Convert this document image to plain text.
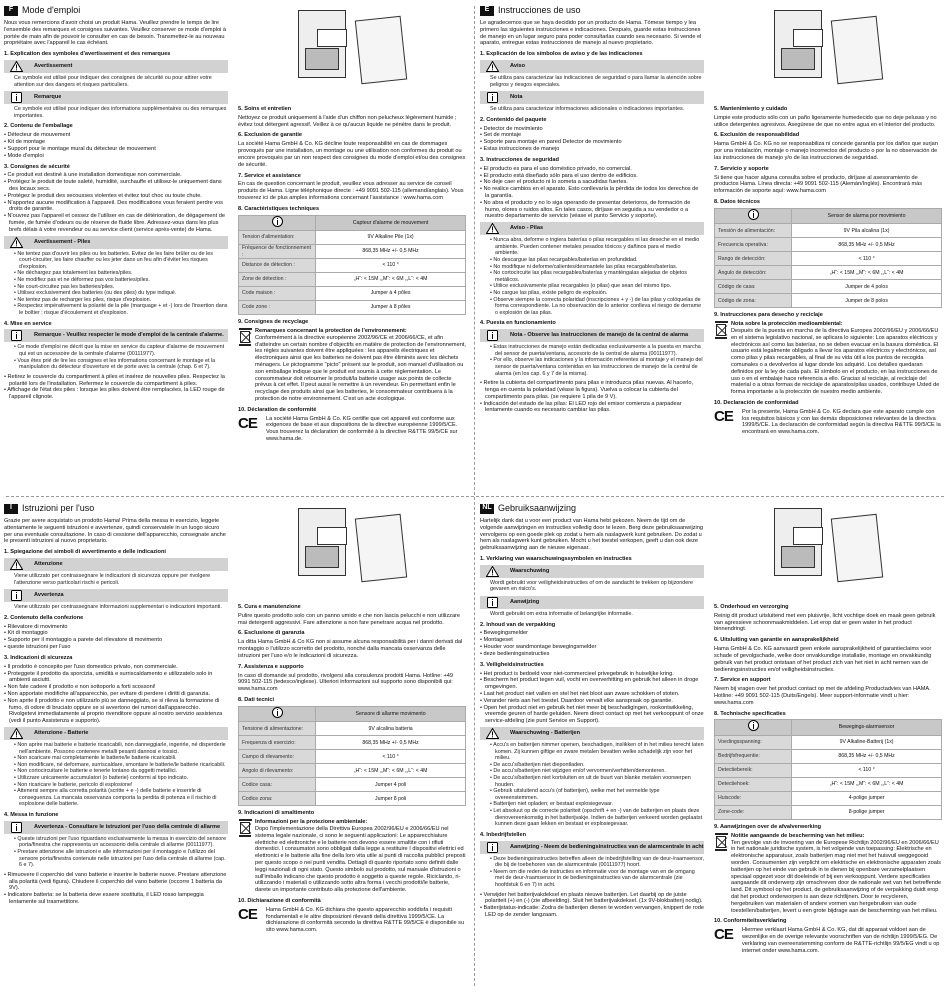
F Mode d'emploi

Nous vous remercions d'avoir choisi un produit Hama. Veuillez prendre le temps de lire l'ensemble des remarques et consignes suivantes. Veuillez conserver ce mode d'emploi à portée de main afin de pouvoir le consulter en cas de besoin. Transmettez-le au nouveau propriétaire avec l'appareil le cas échéant.

1. Explication des symboles d'avertissement et des remarques
Avertissement

Ce symbole est utilisé pour indiquer des consignes de sécurité ou pour attirer votre attention sur des dangers et risques particuliers.

Remarque

Ce symbole est utilisé pour indiquer des informations supplémentaires ou des remarques importantes.

2. Contenu de l'emballage
• Détecteur de mouvement
• Kit de montage
• Support pour le montage mural du détecteur de mouvement
• Mode d'emploi
3. Consignes de sécurité
• Ce produit est destiné à une installation domestique non commerciale.
• Protégez le produit de toute saleté, humidité, surchauffe et utilisez-le uniquement dans des locaux secs.
• Protégez le produit des secousses violentes et évitez tout choc ou toute chute.
• N'apportez aucune modification à l'appareil. Des modifications vous feraient perdre vos droits de garantie.
• N'ouvrez pas l'appareil et cessez de l'utiliser en cas de détérioration, de dégagement de fumée, de fumée d'odeurs ou de réserve de fluide libre. Adressez-vous dans les plus brefs délais à votre revendeur ou au service client (service après-vente) de Hama.
Avertissement - Piles
• Ne tentez pas d'ouvrir les piles ou les batteries. Evitez de les faire brûler ou de les court-circuiter, les faire chauffer ou les jeter dans un feu afin d'éviter les risques d'explosion.
• Ne déchargez pas totalement les batteries/piles.
• Ne modifiez pas et ne déformez pas vos batteries/piles.
• Ne court-circuitez pas les batteries/piles.
• Utilisez exclusivement des batteries (ou des piles) du type indiqué.
• Ne tentez pas de recharger les piles, risque d'explosion.
• Respectez impérativement la polarité de la pile (marquage + et -) lors de l'insertion dans le boîtier ; risque d'écoulement et d'explosion.
4. Mise en service
Remarque - Veuillez respecter le mode d'emploi de la centrale d'alarme.
• Ce mode d'emploi ne décrit que la mise en service du capteur d'alarme de mouvement qui est un accessoire de la centrale d'alarme (00111977).
• Vous êtes prié de lire les consignes et les informations concernant le montage et la manipulation du détecteur d'ouverture et de porte avec la centrale (chap. 6 et 7).
• Retirez le couvercle du compartiment à piles et insérez de nouvelles piles. Respectez la polarité lors de l'installation. Refermez le couvercle du compartiment à piles.
• Affichage de l'état des piles : lorsque les piles doivent être remplacées, la LED rouge de l'appareil clignote.
5. Soins et entretien

Nettoyez ce produit uniquement à l'aide d'un chiffon non pelucheux légèrement humide ; évitez tout détergent agressif. Veillez à ce qu'aucun liquide ne pénètre dans le produit.

6. Exclusion de garantie

La société Hama GmbH & Co. KG décline toute responsabilité en cas de dommages provoqués par une installation, un montage ou une utilisation non conformes du produit ou encore provoqués par un non respect des consignes du mode d'emploi et/ou des consignes de sécurité.

7. Service et assistance

En cas de question concernant le produit, veuillez vous adresser au service de conseil produits de Hama. Ligne téléphonique directe : +49 9091 502-115 (allemand/anglais). Vous trouverez ici de plus amples informations concernant l'assistance : www.hama.com

8. Caractéristiques techniques
	Capteur d'alarme de mouvement
Tension d'alimentation:	9V Alkaline Pile (1x)
Fréquence de fonctionnement :	868,35 MHz +/- 0,5 MHz
Distance de détection :	< 110 °
Zone de détection :	„H“: < 15M ,„M“: < 6M ,„L“: < 4M
Code maison :	Jumper à 4 pôles
Code zone :	Jumper à 8 pôles
9. Consignes de recyclage
Remarques concernant la protection de l'environnement:

Conformément à la directive européenne 2002/96/CE et 2006/66/CE, et afin d'atteindre un certain nombre d'objectifs en matière de protection de l'environnement, les règles suivantes doivent être appliquées : les appareils électriques et électroniques ainsi que les batteries ne doivent pas être éliminés avec les déchets ménagers. Le pictogramme "picto" présent sur le produit, son manuel d'utilisation ou son emballage indique que le produit est soumis à cette réglementation. Le consommateur doit retourner le produit/la batterie usager aux points de collecte prévus à cet effet. Il peut aussi le remettre à un revendeur. En permettant enfin le recyclage des produits ainsi que les batteries, le consommateur contribuera à la protection de notre environnement. C'est un acte écologique.

10. Déclaration de conformité
CE	La société Hama GmbH & Co. KG certifie que cet appareil est conforme aux exigences de base et aux dispositions de la directive européenne 1999/5/CE. Vous trouverez la déclaration de conformité à la directive R&TTE 99/5/CE sur www.hama.de.

E Instrucciones de uso

Le agradecemos que se haya decidido por un producto de Hama. Tómese tiempo y lea primero las siguientes instrucciones e indicaciones. Después, guarde estas instrucciones de manejo en un lugar seguro para poder consultarlas cuando sea necesario. Si vende el aparato, entregue estas instrucciones de manejo al nuevo propietario.

1. Explicación de los símbolos de aviso y de las indicaciones
Aviso

Se utiliza para caracterizar las indicaciones de seguridad o para llamar la atención sobre peligros y riesgos especiales.

Nota

Se utiliza para caracterizar informaciones adicionales o indicaciones importantes.

2. Contenido del paquete
• Detector de movimiento
• Set de montaje
• Soporte para montaje en pared Detector de movimiento
• Estas instrucciones de manejo
3. Instrucciones de seguridad
• El producto es para el uso doméstico privado, no comercial.
• El producto está diseñado sólo para el uso dentro de edificios.
• No deje caer el producto ni lo someta a sacudidas fuertes.
• No realice cambios en el aparato. Esto conllevaría la pérdida de todos los derechos de la garantía.
• No abra el producto y no lo siga operando de presentar deterioros, de formación de humo, olores o ruidos altos. En tales casos, diríjase en seguida a su vendedor o a nuestro departamento de servicio (véase el punto Servicio y soporte).
Aviso - Pilas
• Nunca abra, deforme o ingiera baterías o pilas recargables ni las deseche en el medio ambiente. Pueden contener metales pesados tóxicos y dañinos para el medio ambiente.
• No descargue las pilas recargables/baterías en profundidad.
• No modifique ni deforme/calientes/desmantele las pilas recargables/baterías.
• No cortocircuite las pilas recargables/baterías y manténgalas alejadas de objetos metálicos.
• Utilice exclusivamente pilas recargables (o pilas) que sean del mismo tipo.
• No cargue las pilas, existe peligro de explosión.
• Observe siempre la correcta polaridad (inscripciones + y -) de las pilas y colóquelas de forma correspondiente. La no observación de lo anterior conlleva el riesgo de derrame o explosión de las pilas.
4. Puesta en funcionamiento
Nota - Observe las instrucciones de manejo de la central de alarma
• Estas instrucciones de manejo están dedicadas exclusivamente a la puesta en marcha del sensor de puerta/ventana, accesorio de la central de alarma (00111977).
• Por ello, observe las indicaciones y la información referentes al montaje y el manejo del sensor de puerta/ventana contenidas en las instrucciones de manejo de la central de alarma (en los cap. 6 y 7 de la misma).
• Retire la cubierta del compartimento para pilas e introduzca pilas nuevas. Al hacerlo, tenga en cuenta la polaridad (véase la figura). Vuelva a colocar la cubierta del compartimento para pilas. (se requiere 1 pila de 9 V).
• Indicación del estado de las pilas: El LED rojo del emisor comienza a parpadear lentamente cuando es necesario cambiar las pilas.
5. Mantenimiento y cuidado

Limpie este producto sólo con un paño ligeramente humedecido que no deje pelusas y no utilice detergentes agresivos. Asegúrese de que no entre agua en el interior del producto.

6. Exclusión de responsabilidad

Hama GmbH & Co. KG no se responsabiliza ni concede garantía por los daños que surjan por una instalación, montaje o manejo incorrectos del producto o por la no observación de las instrucciones de manejo y/o de las instrucciones de seguridad.

7. Servicio y soporte

Si tiene que hacer alguna consulta sobre el producto, diríjase al asesoramiento de productos Hama. Línea directa: +49 9091 502-115 (Alemán/Inglés). Encontrará más información de soporte aquí: www.hama.com

8. Datos técnicos
	Sensor de alarma por movimiento
Tensión de alimentación:	9V Pila alcalina (1x)
Frecuencia operativa:	868,35 MHz +/- 0,5 MHz
Rango de detección:	< 110 °
Ángulo de detección:	„H“: < 15M ,„M“: < 6M ,„L“: < 4M
Código de casa:	Jumper de 4 polos
Código de zona:	Jumper de 8 polos
9. Instrucciones para desecho y reciclaje
Nota sobre la protección medioambiental:

Después de la puesta en marcha de la directiva Europea 2002/96/EU y 2006/66/EU en el sistema legislativo nacional, se aplicara lo siguiente: Los aparatos eléctricos y electrónicos así como las baterías, no se deben evacuar en la basura doméstica. El usuario está legalmente obligado a llevar los aparatos eléctricos y electrónicos, así como pilas y pilas recargables, al final de su vida útil a los puntos de recogida comunales o a devolverlos al lugar donde los adquirió. Los detalles quedaran definidos por la ley de cada país. El símbolo en el producto, en las instrucciones de uso o en el embalaje hace referencia a ello. Gracias al reciclaje, al reciclaje del material o a otras formas de reciclaje de aparatos/pilas usados, contribuye Usted de forma importante a la protección de nuestro medio ambiente.

10. Declaración de conformidad
CE	Por la presente, Hama GmbH & Co. KG declara que este aparato cumple con los requisitos básicos y con las demás disposiciones relevantes de la directiva 1999/5/CE. La declaración de conformidad según la directiva R&TTE 99/5/CE la encontrará en www.hama.com.

I	Istruzioni per l'uso

Grazie per avere acquistato un prodotto Hama! Prima della messa in esercizio, leggete attentamente le seguenti istruzioni e avvertenze, quindi conservatele in un luogo sicuro per una eventuale consultazione. In caso di cessione dell'apparecchio, consegnate anche le presenti istruzioni al nuovo proprietario.

1. Spiegazione dei simboli di avvertimento e delle indicazioni
Attenzione

Viene utilizzato per contrassegnare le indicazioni di sicurezza oppure per rivolgere l'attenzione verso particolari rischi e pericoli.

Avvertenza

Viene utilizzato per contrassegnare informazioni supplementari o indicazioni importanti.

2. Contenuto della confezione
• Rilevatore di movimento
• Kit di montaggio
• Supporto per il montaggio a parete del rilevatore di movimento
• queste istruzioni per l'uso
3. Indicazioni di sicurezza
• Il prodotto è concepito per l'uso domestico privato, non commerciale.
• Proteggete il prodotto da sporcizia, umidità e surriscaldamento e utilizzatelo solo in ambienti asciutti.
• Non fate cadere il prodotto e non sottoporlo a forti scossoni!
• Non apportate modifiche all'apparecchio, per evitare di perdere i diritti di garanzia.
• Non aprite il prodotto e non utilizzarlo più se danneggiato, se si rileva la formazione di fumo, di odore di bruciato oppure se si avvertono dei rumori dall'apparecchio. Rivolgetevi immediatamente al proprio rivenditore oppure al nostro servizio assistenza (vedi il punto Assistenza e supporto).
Attenzione - Batterie
• Non aprire mai batterie e batterie ricaricabili, non danneggiarle, ingerirle, né disperderle nell'ambiente. Possono contenere metalli pesanti dannosi e tossici.
• Non scaricare mai completamente le batterie/le batterie ricaricabili.
• Non modificare, né deformare, surriscaldare, smontare le batterie/le batterie ricaricabili.
• Non cortocircuitare le batterie e tenerle lontano da oggetti metallici.
• Utilizzare unicamente accumulatori (o batterie) conformi al tipo indicato.
• Non ricaricare le batterie, pericolo di esplosione!
• Attenersi sempre alla corretta polarità (scritte + e -) delle batterie e inserirle di conseguenza. La mancata osservanza comporta la perdita di potenza e il rischio di esplosione delle batterie.
4. Messa in funzione
Avvertenza - Consultare le istruzioni per l'uso della centrale di allarme
• Queste istruzioni per l'uso riguardano esclusivamente la messa in esercizio del sensore porta/finestra che rappresenta un accessorio della centrale di allarme (00111977).
• Prestare attenzione alle istruzioni e alle informazioni per il montaggio e l'utilizzo del sensore porta/finestra contenute nelle istruzioni per l'uso della centrale di allarme (cap. 6 e 7).
• Rimuovere il coperchio del vano batterie e inserire le batterie nuove. Prestare attenzione alla polarità (vedi figura). Chiudere il coperchio del vano batterie (occorre 1 batteria da 9V).
• Indicatore batteria: se la batteria deve essere sostituita, il LED rosso lampeggia lentamente sul trasmettitore.
5. Cura e manutenzione

Pulire questo prodotto solo con un panno umido e che non lascia pelucchi e non utilizzare mai detergenti aggressivi. Fare attenzione a non fare penetrare acqua nel prodotto.

6. Esclusione di garanzia

La ditta Hama GmbH & Co KG non si assume alcuna responsabilità per i danni derivati dal montaggio o l'utilizzo scorretto del prodotto, nonché dalla mancata osservanza delle istruzioni per l'uso e/o le indicazioni di sicurezza.

7. Assistenza e supporto

In caso di domande sul prodotto, rivolgersi alla consulenza prodotti Hama. Hotline: +49 9091 502-115 (tedesco/inglese). Ulteriori informazioni sul supporto sono disponibili qui: www.hama.com

8. Dati tecnici
	Sensore di allarme movimento
Tensione di alimentazione:	9V alcalina batteria
Frequenza di esercizio:	868,35 MHz +/- 0,5 MHz
Campo di rilevamento:	< 110 °
Angolo di rilevamento:	„H“: < 15M ,„M“: < 6M ,„L“: < 4M
Codice casa:	Jumper 4 poli
Codice zona:	Jumper 8 poli
9. Indicazioni di smaltimento
Informazioni per la protezione ambientale:

Dopo l'implementazione della Direttiva Europea 2002/96/EU e 2006/66/EU nel sistema legale nazionale, ci sono le seguenti applicazioni: Le apparecchiature elettriche ed elettroniche e le batterie non devono essere smaltite con i rifiuti domestici. I consumatori sono obbligati dalla legge a restituire I dispositivi elettrici ed elettronici e le batterie alla fine della loro vita utile ai punti di raccolta pubblici preposti per questo scopo o nei punti vendita. Dettagli di quanto riportato sono definiti dalle leggi nazionali di ogni stato. Questo simbolo sul prodotto, sul manuale d'istruzioni o sull'imballo indicano che questo prodotto è soggetto a queste regole. Riciclando, ri-utilizzando i materiali o utilizzando sotto altra forma i vecchi prodotti/le batterie, darete un importante contributo alla protezione dell'ambiente.

10. Dichiarazione di conformità
CE	Hama GmbH & Co. KG dichiara che questo apparecchio soddisfa i requisiti fondamentali e le altre disposizioni rilevanti della direttiva 1999/5/CE. La dichiarazione di conformità secondo la direttiva R&TTE 99/5/CE è disponibile su sito www.hama.com.

NL Gebruiksaanwijzing

Hartelijk dank dat u voor een product van Hama hebt gekozen. Neem de tijd om de volgende aanwijzingen en instructies volledig door te lezen. Berg deze gebruiksaanwijzing vervolgens op een goede plek op zodat u hem als naslagwerk kunt gebruiken. Do zodat u hem als naslagwerk kunt gebruiken. Mocht u het toestel verkopen, geeft u dan ook deze gebruiksaanwijzing aan de nieuwe eigenaar.

1. Verklaring van waarschuwingssymbolen en instructies
Waarschuwing

Wordt gebruikt voor veiligheidsinstructies of om de aandacht te trekken op bijzondere gevaren en risico's.

Aanwijzing

Wordt gebruikt om extra informatie of belangrijke informatie.

2. Inhoud van de verpakking
• Bewegingsmelder
• Montageset
• Houder voor wandmontage bewegingsmelder
• deze bedieningsinstructies
3. Veiligheidsinstructies
• Het product is bedoeld voor niet-commercieel privegebruik in huiselijke kring.
• Bescherm het product tegen vuil, vocht en oververhitting en gebruik het alleen in droge omgevingen.
• Laat het product niet vallen en stel het niet bloot aan zware schokken of stoten.
• Verander niets aan het toestel. Daardoor vervalt elke aanspraak op garantie.
• Open het product niet en gebruik het niet meer bij beschadigingen, rookontwikkeling, vreemde geuren of harde geluiden. Neem direct contact op met het verkooppunt of onze service-afdeling (zie punt Service en Support).
Waarschuwing - Batterijen
• Accu's en batterijen nimmer openen, beschadigen, inslikken of in het milieu terecht laten komen. Zij kunnen giftige en zware metalen bevatten welke schadelijk zijn voor het milieu.
• De accu's/batterijen niet diepontladen.
• De accu's/batterijen niet wijzigen en/of vervormen/verhitten/demonteren.
• De accu's/batterijen niet kortsluiten en uit de buurt van blanke metalen voorwerpen houden.
• Gebruik uitsluitend accu's (of batterijen), welke met het vermelde type overeenstemmen.
• Batterijen niet opladen; er bestaat explosiegevaar.
• Let absoluut op de correcte polariteit (opschrift + en -) van de batterijen en plaats deze dienovereenkomstig in het batterijvakje. Indien de batterijen verkeerd worden geplaatst kunnen deze gaan lekken en bestaat er explosiegevaar.
4. Inbedrijfstellen
Aanwijzing - Neem de bedieningsinstructies van de alarmcentrale in acht
• Deze bedieningsinstructies betreffen alleen de inbedrijfstelling van de deur-/raamsensor, die bij de toebehoren van de alarmcentrale (00111977) hoort.
• Neem om die reden de instructies en informatie voor de montage van en de omgang met de deur-/raamsensor in de bedieningsinstructies van de alarmcentrale (zie hoofdstuk 6 en 7) in acht.
• Verwijder het batterijvakdeksel en plaats nieuwe batterijen. Let daarbij op de juiste polariteit (+) en (-) (zie afbeelding). Sluit het batterijvakdeksel. (1x 9V-blokbatterij nodig).
• Batterijstatus-indicatie: Zodra de batterijen dienen te worden vervangen, knippert de rode LED op de zender langzaam.
5. Onderhoud en verzorging

Reinig dit product uitsluitend met een pluisvrije, licht vochtige doek en maak geen gebruik van agressieve schoonmaakmiddelen. Let erop dat er geen water in het product binnendringt.

6. Uitsluiting van garantie en aansprakelijkheid

Hama GmbH & Co. KG aanvaardt geen enkele aansprakelijkheid of garantieclaims voor schade of gevolgschade, welke door onvakkundige installatie, montage en onvakkundig gebruik van het product ontstaan of het product zich van het niet in acht nemen van de bedieningsinstructies en/of veiligheidsinstructies.

7. Service en support

Neem bij vragen over het product contact op met de afdeling Productadvies van HAMA. Hotline: +49 9091 502-115 (Duits/Engels). Meer support-informatie vindt u hier: www.hama.com

8. Technische specificaties
	Bewegings-alarmsensor
Voedingsspanning:	9V Alkaline-Batterij (1x)
Bedrijfsfrequentie:	868,35 MHz +/- 0,5 MHz
Detectiebereik:	< 110 °
Detectiehoek:	„H“: < 15M ,„M“: < 6M ,„L“: < 4M
Huiscode:	4-polige jumper
Zone-code:	8-polige jumper
9. Aanwijzingen over de afvalverwerking
Notitie aangaande de bescherming van het milieu:

Ten gevolge van de invoering van de Europese Richtlijn 2002/96/EU en 2006/66/EU in het nationale juridische system, is het volgende van toepassing: Elektrische en elektronische apparatuur, zoals batterijen mag niet met het huisvuil weggegooid worden. Consumenten zijn verplicht om elektrische en elektronische apparaten zoals batterijen op het einde van gebruik in te dienen bij openbare verzamelplaatsen speciaal opgezet voor dit doeleinde of bij een verkooppunt. Verdere specificaties aangaande dit onderwerp zijn omschreven door de nationale wet van het betreffende land. Dit symbool op het product, de gebruiksaanwijzing of de verpakking duidt erop dat het product onderworpen is aan deze richtlijnen. Door te recycleren, hergebruiken van materialen of andere vormen van hergebruiken van oude toestellen/batterijen, levert u een grote bijdrage aan de bescherming van het milieu.

10. Conformiteitsverklaring
CE	Hiermee verklaart Hama GmbH & Co. KG, dat dit apparaat voldoet aan de wezenlijke en de overige relevante voorschriften van de richtlijn 1999/5/EG. De verklaring van overeenstemming conform de R&TTE-richtlijn 99/5/EG vindt u op internet onder www.hama.com.
